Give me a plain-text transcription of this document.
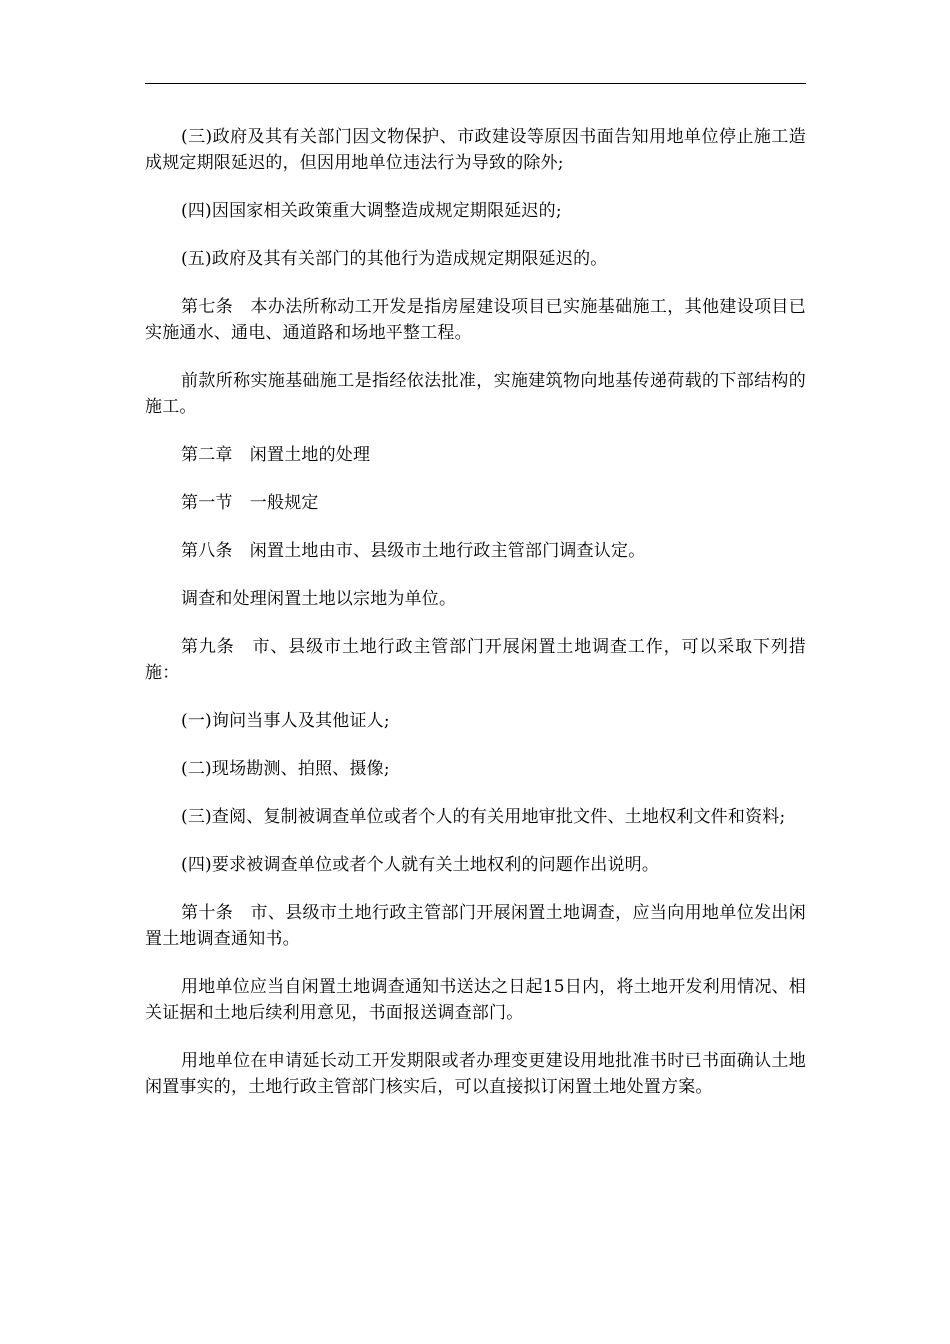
(三)政府及其有关部门因文物保护、市政建设等原因书面告知用地单位停止施工造成规定期限延迟的，但因用地单位违法行为导致的除外;

(四)因国家相关政策重大调整造成规定期限延迟的;

(五)政府及其有关部门的其他行为造成规定期限延迟的。

第七条　本办法所称动工开发是指房屋建设项目已实施基础施工，其他建设项目已实施通水、通电、通道路和场地平整工程。

前款所称实施基础施工是指经依法批准，实施建筑物向地基传递荷载的下部结构的施工。

第二章　闲置土地的处理

第一节　一般规定

第八条　闲置土地由市、县级市土地行政主管部门调查认定。

调查和处理闲置土地以宗地为单位。

第九条　市、县级市土地行政主管部门开展闲置土地调查工作，可以采取下列措施：

(一)询问当事人及其他证人;

(二)现场勘测、拍照、摄像;

(三)查阅、复制被调查单位或者个人的有关用地审批文件、土地权利文件和资料;

(四)要求被调查单位或者个人就有关土地权利的问题作出说明。

第十条　市、县级市土地行政主管部门开展闲置土地调查，应当向用地单位发出闲置土地调查通知书。

用地单位应当自闲置土地调查通知书送达之日起15日内，将土地开发利用情况、相关证据和土地后续利用意见，书面报送调查部门。

用地单位在申请延长动工开发期限或者办理变更建设用地批准书时已书面确认土地闲置事实的，土地行政主管部门核实后，可以直接拟订闲置土地处置方案。
